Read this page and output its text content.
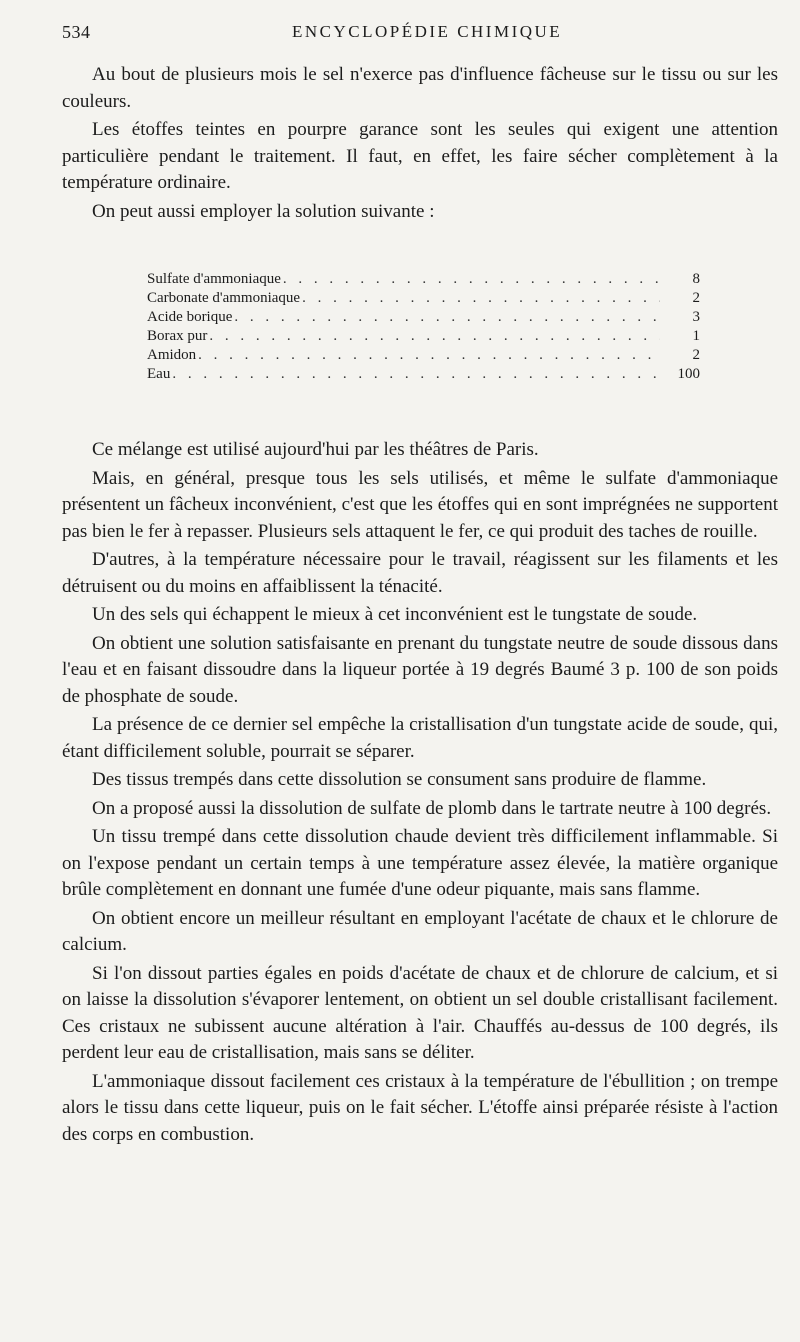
534	ENCYCLOPÉDIE CHIMIQUE

Au bout de plusieurs mois le sel n'exerce pas d'influence fâcheuse sur le tissu ou sur les couleurs.

Les étoffes teintes en pourpre garance sont les seules qui exigent une attention particulière pendant le traitement. Il faut, en effet, les faire sécher complètement à la température ordinaire.

On peut aussi employer la solution suivante :

Sulfate d'ammoniaque . . .	8
Carbonate d'ammoniaque . . .	2
Acide borique . . .	3
Borax pur . . .	1
Amidon . . .	2
Eau . . .	100

Ce mélange est utilisé aujourd'hui par les théâtres de Paris.

Mais, en général, presque tous les sels utilisés, et même le sulfate d'ammoniaque présentent un fâcheux inconvénient, c'est que les étoffes qui en sont imprégnées ne supportent pas bien le fer à repasser. Plusieurs sels attaquent le fer, ce qui produit des taches de rouille.

D'autres, à la température nécessaire pour le travail, réagissent sur les filaments et les détruisent ou du moins en affaiblissent la ténacité.

Un des sels qui échappent le mieux à cet inconvénient est le tungstate de soude.

On obtient une solution satisfaisante en prenant du tungstate neutre de soude dissous dans l'eau et en faisant dissoudre dans la liqueur portée à 19 degrés Baumé 3 p. 100 de son poids de phosphate de soude.

La présence de ce dernier sel empêche la cristallisation d'un tungstate acide de soude, qui, étant difficilement soluble, pourrait se séparer.

Des tissus trempés dans cette dissolution se consument sans produire de flamme.

On a proposé aussi la dissolution de sulfate de plomb dans le tartrate neutre à 100 degrés.

Un tissu trempé dans cette dissolution chaude devient très difficilement inflammable. Si on l'expose pendant un certain temps à une température assez élevée, la matière organique brûle complètement en donnant une fumée d'une odeur piquante, mais sans flamme.

On obtient encore un meilleur résultant en employant l'acétate de chaux et le chlorure de calcium.

Si l'on dissout parties égales en poids d'acétate de chaux et de chlorure de calcium, et si on laisse la dissolution s'évaporer lentement, on obtient un sel double cristallisant facilement. Ces cristaux ne subissent aucune altération à l'air. Chauffés au-dessus de 100 degrés, ils perdent leur eau de cristallisation, mais sans se déliter.

L'ammoniaque dissout facilement ces cristaux à la température de l'ébullition ; on trempe alors le tissu dans cette liqueur, puis on le fait sécher. L'étoffe ainsi préparée résiste à l'action des corps en combustion.
